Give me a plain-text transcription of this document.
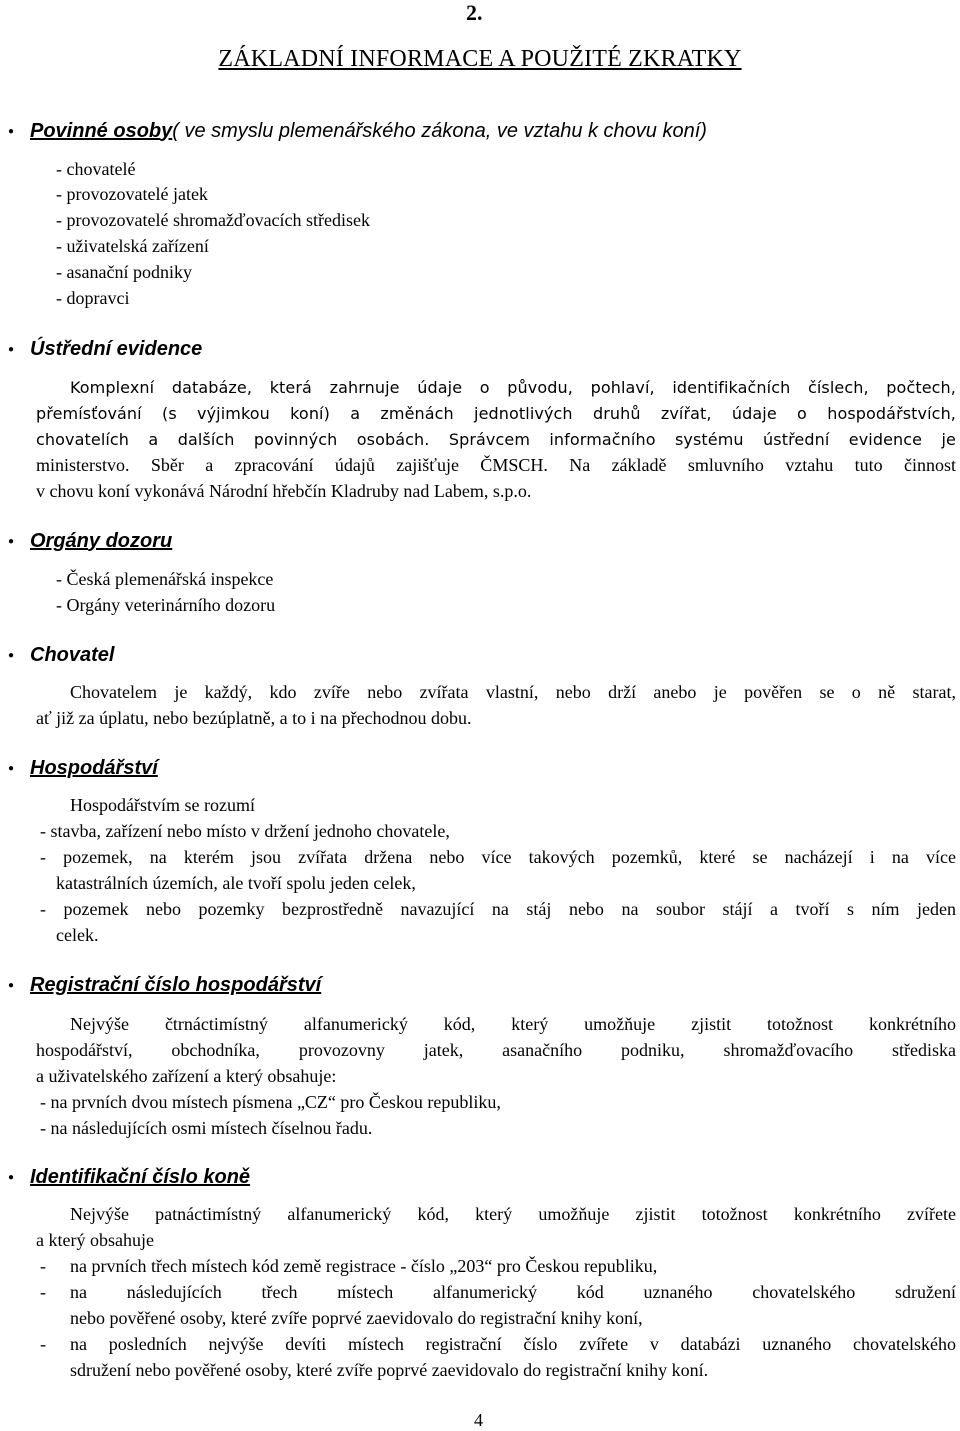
2.
ZÁKLADNÍ INFORMACE A POUŽITÉ ZKRATKY
● Povinné osoby ( ve smyslu plemenářského zákona, ve vztahu k chovu koní)
- chovatelé
- provozovatelé jatek
- provozovatelé shromažďovacích středisek
- uživatelská zařízení
- asanační podniky
- dopravci
● Ústřední evidence
Komplexní databáze, která zahrnuje údaje o původu, pohlaví, identifikačních číslech, počtech,
přemísťování (s výjimkou koní) a změnách jednotlivých druhů zvířat, údaje o hospodářstvích,
chovatelích a dalších povinných osobách. Správcem informačního systému ústřední evidence je
ministerstvo. Sběr a zpracování údajů zajišťuje ČMSCH. Na základě smluvního vztahu tuto činnost
v chovu koní vykonává Národní hřebčín Kladruby nad Labem, s.p.o.
● Orgány dozoru
- Česká plemenářská inspekce
- Orgány veterinárního dozoru
● Chovatel
Chovatelem je každý, kdo zvíře nebo zvířata vlastní, nebo drží anebo je pověřen se o ně starat,
ať již za úplatu, nebo bezúplatně, a to i na přechodnou dobu.
● Hospodářství
Hospodářstvím se rozumí
- stavba, zařízení nebo místo v držení jednoho chovatele,
- pozemek, na kterém jsou zvířata držena nebo více takových pozemků, které se nacházejí i na více
katastrálních územích, ale tvoří spolu jeden celek,
- pozemek nebo pozemky bezprostředně navazující na stáj nebo na soubor stájí a tvoří s ním jeden
celek.
● Registrační číslo hospodářství
Nejvýše čtrnáctimístný alfanumerický kód, který umožňuje zjistit totožnost konkrétního
hospodářství, obchodníka, provozovny jatek, asanačního podniku, shromažďovacího střediska
a uživatelského zařízení a který obsahuje:
- na prvních dvou místech písmena „CZ“ pro Českou republiku,
- na následujících osmi místech číselnou řadu.
● Identifikační číslo koně
Nejvýše patnáctimístný alfanumerický kód, který umožňuje zjistit totožnost konkrétního zvířete
a který obsahuje
- na prvních třech místech kód země registrace - číslo „203“ pro Českou republiku,
- na následujících třech místech alfanumerický kód uznaného chovatelského sdružení
nebo pověřené osoby, které zvíře poprvé zaevidovalo do registrační knihy koní,
- na posledních nejvýše devíti místech registrační číslo zvířete v databázi uznaného chovatelského
sdružení nebo pověřené osoby, které zvíře poprvé zaevidovalo do registrační knihy koní.
4
